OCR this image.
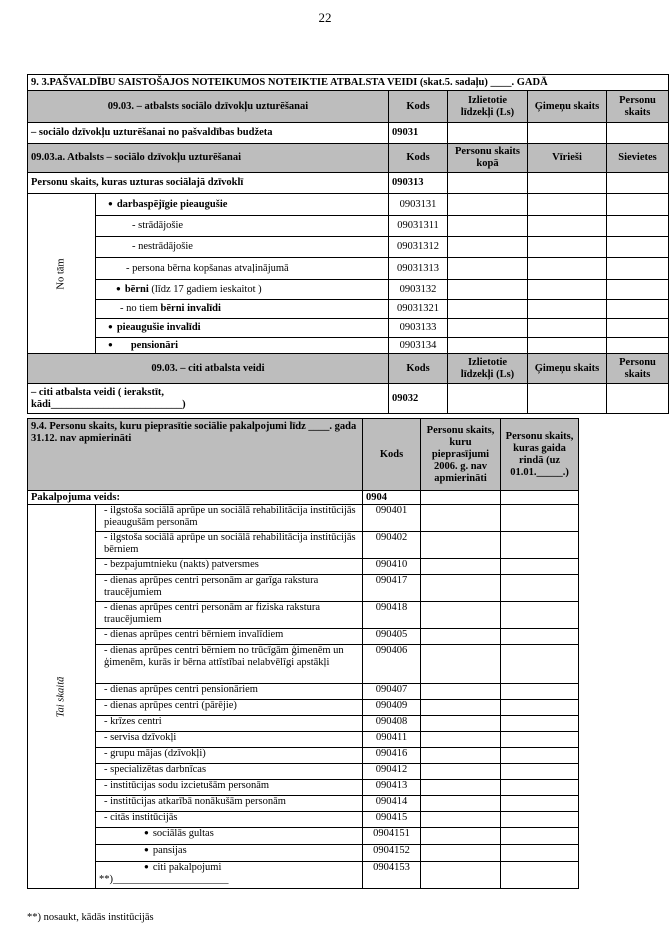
22
9. 3.PAŠVALDĪBU SAISTOŠAJOS NOTEIKUMOS NOTEIKTIE ATBALSTA VEIDI (skat.5. sadaļu) ____. GADĀ					
09.03. – atbalsts sociālo dzīvokļu uzturēšanai		Kods	Izlietotie līdzekļi (Ls)	Ģimeņu skaits	Personu skaits
– sociālo dzīvokļu uzturēšanai no pašvaldības budžeta		09031			
09.03.a. Atbalsts – sociālo dzīvokļu uzturēšanai		Kods	Personu skaits kopā	Vīrieši	Sievietes
Personu skaits, kuras uzturas sociālajā dzīvoklī		090313			
No tām	● darbaspējīgie pieaugušie	0903131			
	- strādājošie	09031311			
	- nestrādājošie	09031312			
	- persona bērna kopšanas atvaļinājumā	09031313			
● bērni (līdz 17 gadiem ieskaitot )	0903132			
	- no tiem bērni invalīdi	09031321			
● pieaugušie invalīdi	0903133			
● pensionāri	0903134			
09.03. – citi atbalsta veidi		Kods	Izlietotie līdzekļi (Ls)	Ģimeņu skaits	Personu skaits

– citi atbalsta veidi ( ierakstīt,
kādi_________________________)		09032			
9.4. Personu skaits, kuru pieprasītie sociālie pakalpojumi līdz ____. gada 31.12. nav apmierināti		Kods	Personu skaits, kuru pieprasījumi 2006. g. nav apmierināti	Personu skaits, kuras gaida rindā (uz 01.01._____.)
Pakalpojuma veids:		0904		
Tai skaitā	- ilgstoša sociālā aprūpe un sociālā rehabilitācija institūcijās pieaugušām personām	090401		
	- ilgstoša sociālā aprūpe un sociālā rehabilitācija institūcijās bērniem	090402		
	- bezpajumtnieku (nakts) patversmes	090410		
	- dienas aprūpes centri personām ar garīga rakstura traucējumiem	090417		
	- dienas aprūpes centri personām ar fiziska rakstura traucējumiem	090418		
	- dienas aprūpes centri bērniem invalīdiem	090405		
	- dienas aprūpes centri bērniem no trūcīgām ģimenēm un ģimenēm, kurās ir bērna attīstībai nelabvēlīgi apstākļi	090406		
	- dienas aprūpes centri pensionāriem	090407		
	- dienas aprūpes centri (pārējie)	090409		
	- krīzes centri	090408		
	- servisa dzīvokļi	090411		
	- grupu mājas (dzīvokļi)	090416		
	- specializētas darbnīcas	090412		
	- institūcijas sodu izcietušām personām	090413		
	- institūcijas atkarībā nonākušām personām	090414		
	- citās institūcijās	090415		
● sociālās gultas	0904151		
● pansijas	0904152		

● citi pakalpojumi
**)______________________	0904153		
**) nosaukt, kādās institūcijās
